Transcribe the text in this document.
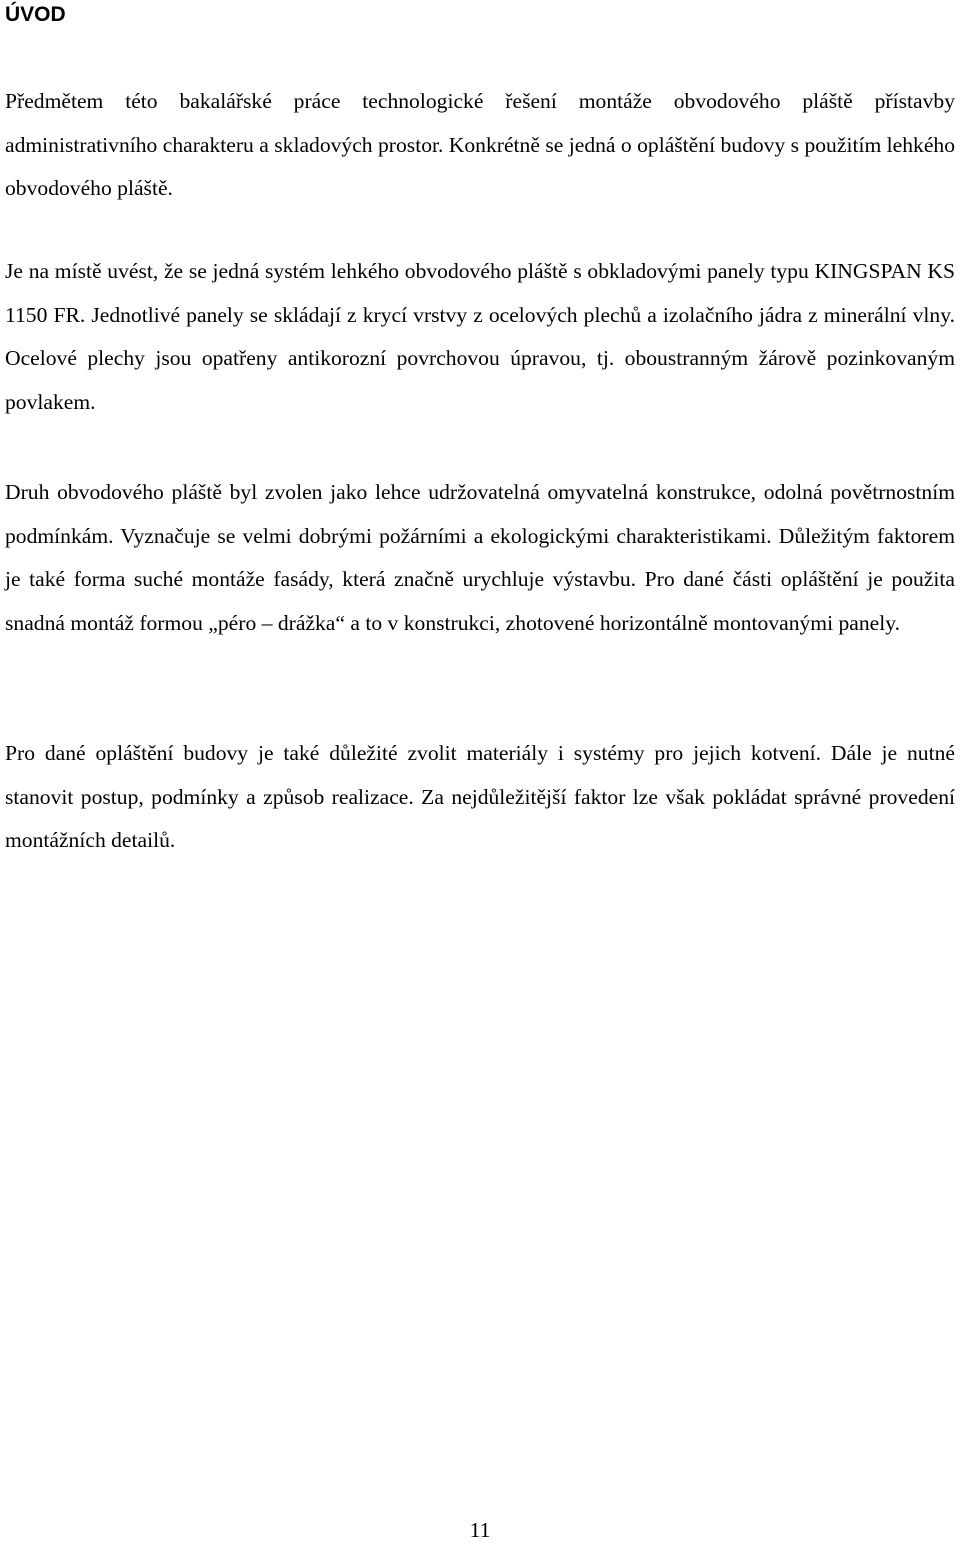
ÚVOD

Předmětem této bakalářské práce technologické řešení montáže obvodového pláště přístavby administrativního charakteru a skladových prostor. Konkrétně se jedná o opláštění budovy s použitím lehkého obvodového pláště.

Je na místě uvést, že se jedná systém lehkého obvodového pláště s obkladovými panely typu KINGSPAN KS 1150 FR. Jednotlivé panely se skládají z krycí vrstvy z ocelových plechů a izolačního jádra z minerální vlny. Ocelové plechy jsou opatřeny antikorozní povrchovou úpravou, tj. oboustranným žárově pozinkovaným povlakem.

Druh obvodového pláště byl zvolen jako lehce udržovatelná omyvatelná konstrukce, odolná povětrnostním podmínkám. Vyznačuje se velmi dobrými požárními a ekologickými charakteristikami. Důležitým faktorem je také forma suché montáže fasády, která značně urychluje výstavbu. Pro dané části opláštění je použita snadná montáž formou „péro – drážka“ a to v konstrukci, zhotovené horizontálně montovanými panely.

Pro dané opláštění budovy je také důležité zvolit materiály i systémy pro jejich kotvení. Dále je nutné stanovit postup, podmínky a způsob realizace. Za nejdůležitější faktor lze však pokládat správné provedení montážních detailů.

11
